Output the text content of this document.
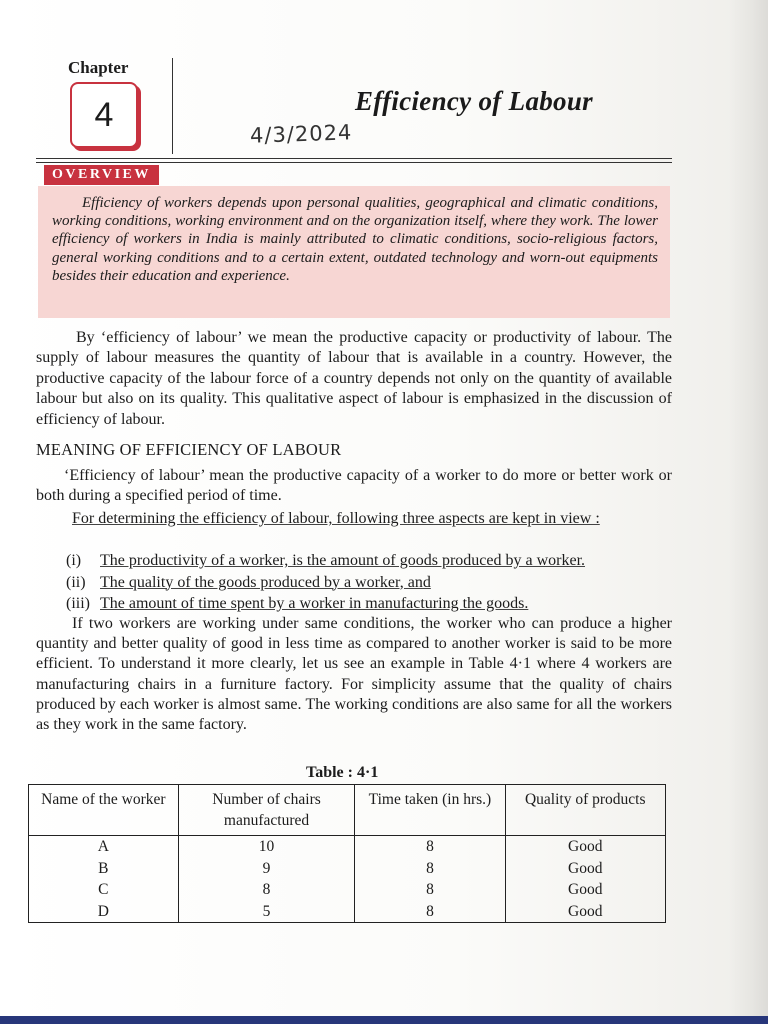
Chapter
4	Efficiency of Labour
4/3/2024
OVERVIEW
Efficiency of workers depends upon personal qualities, geographical and climatic conditions, working conditions, working environment and on the organization itself, where they work. The lower efficiency of workers in India is mainly attributed to climatic conditions, socio-religious factors, general working conditions and to a certain extent, outdated technology and worn-out equipments besides their education and experience.
By ‘efficiency of labour’ we mean the productive capacity or productivity of labour. The supply of labour measures the quantity of labour that is available in a country. However, the productive capacity of the labour force of a country depends not only on the quantity of available labour but also on its quality. This qualitative aspect of labour is emphasized in the discussion of efficiency of labour.
MEANING OF EFFICIENCY OF LABOUR
‘Efficiency of labour’ mean the productive capacity of a worker to do more or better work or both during a specified period of time.
For determining the efficiency of labour, following three aspects are kept in view :
(i)	The productivity of a worker, is the amount of goods produced by a worker.
(ii) The quality of the goods produced by a worker, and
(iii) The amount of time spent by a worker in manufacturing the goods.
If two workers are working under same conditions, the worker who can produce a higher quantity and better quality of good in less time as compared to another worker is said to be more efficient. To understand it more clearly, let us see an example in Table 4·1 where 4 workers are manufacturing chairs in a furniture factory. For simplicity assume that the quality of chairs produced by each worker is almost same. The working conditions are also same for all the workers as they work in the same factory.
Table : 4·1
Name of the worker	Number of chairs manufactured	Time taken (in hrs.)	Quality of products
A	10	8	Good
B	9	8	Good
C	8	8	Good
D	5	8	Good
